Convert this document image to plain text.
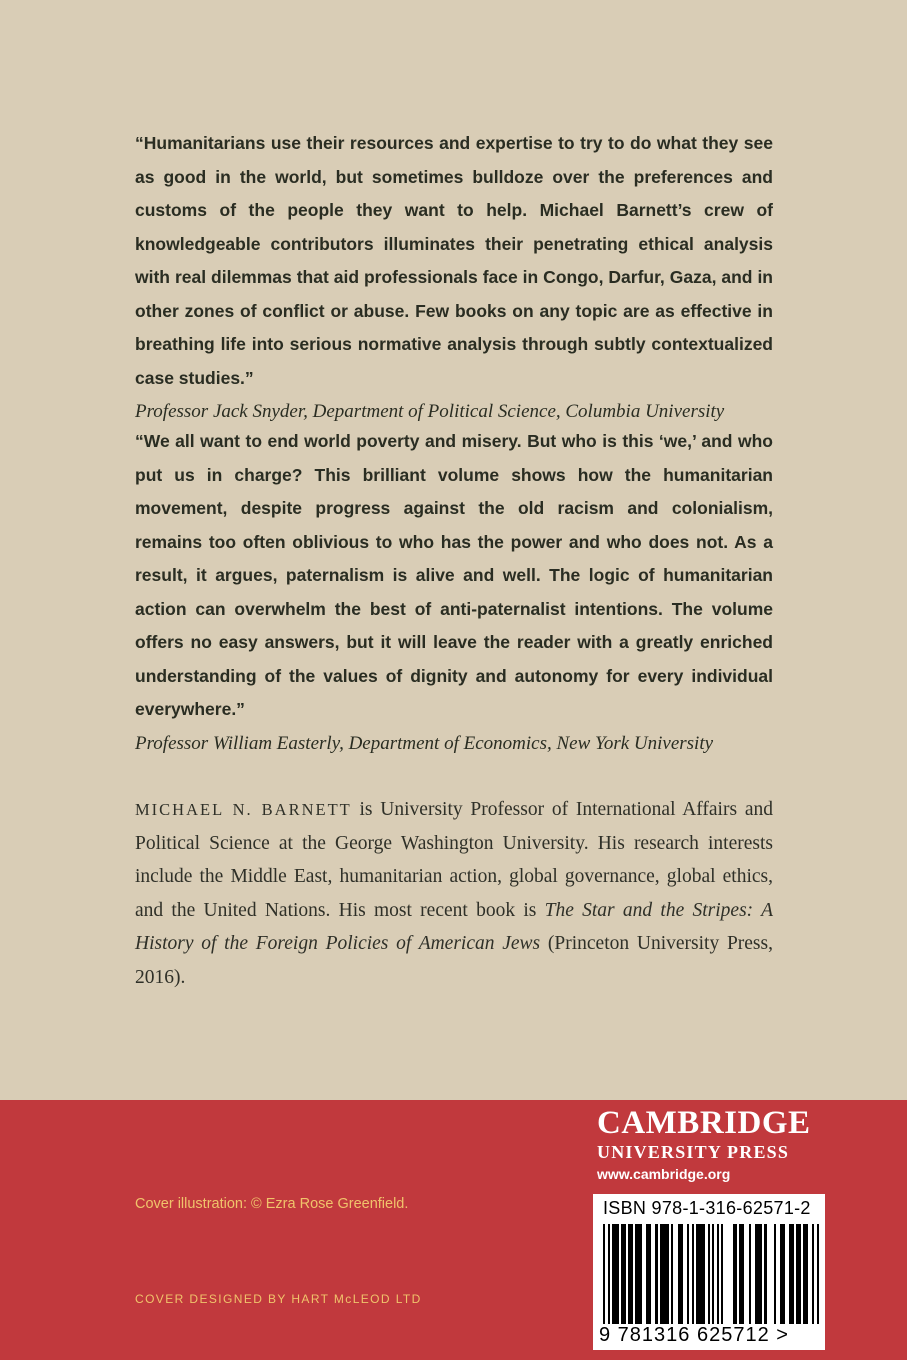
“Humanitarians use their resources and expertise to try to do what they see as good in the world, but sometimes bulldoze over the preferences and customs of the people they want to help. Michael Barnett’s crew of knowledgeable contributors illuminates their penetrating ethical analysis with real dilemmas that aid professionals face in Congo, Darfur, Gaza, and in other zones of conflict or abuse. Few books on any topic are as effective in breathing life into serious normative analysis through subtly contextualized case studies.”
Professor Jack Snyder, Department of Political Science, Columbia University
“We all want to end world poverty and misery. But who is this ‘we,’ and who put us in charge? This brilliant volume shows how the humanitarian movement, despite progress against the old racism and colonialism, remains too often oblivious to who has the power and who does not. As a result, it argues, paternalism is alive and well. The logic of humanitarian action can overwhelm the best of anti-paternalist intentions. The volume offers no easy answers, but it will leave the reader with a greatly enriched understanding of the values of dignity and autonomy for every individual everywhere.”
Professor William Easterly, Department of Economics, New York University
MICHAEL N. BARNETT is University Professor of International Affairs and Political Science at the George Washington University. His research interests include the Middle East, humanitarian action, global governance, global ethics, and the United Nations. His most recent book is The Star and the Stripes: A History of the Foreign Policies of American Jews (Princeton University Press, 2016).
CAMBRIDGE
UNIVERSITY PRESS
www.cambridge.org
Cover illustration: © Ezra Rose Greenfield.
COVER DESIGNED BY HART McLEOD LTD
ISBN 978-1-316-62571-2
9 781316 625712 >
